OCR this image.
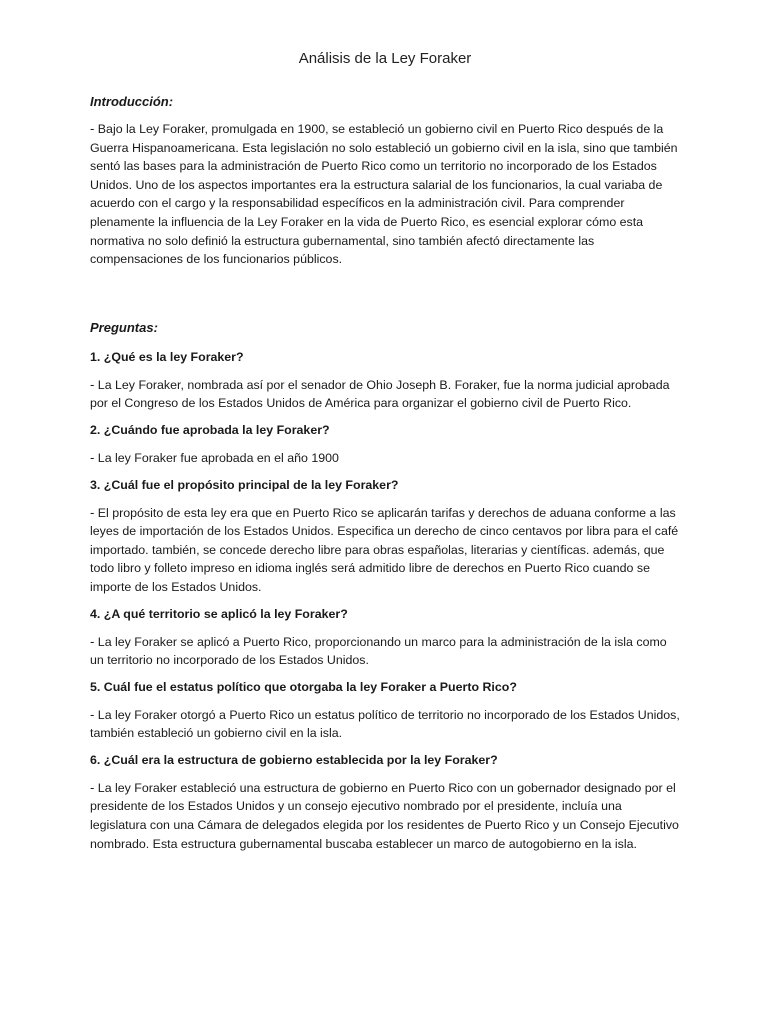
Análisis de la Ley Foraker
Introducción:

- Bajo la Ley Foraker, promulgada en 1900, se estableció un gobierno civil en Puerto Rico después de la Guerra Hispanoamericana. Esta legislación no solo estableció un gobierno civil en la isla, sino que también sentó las bases para la administración de Puerto Rico como un territorio no incorporado de los Estados Unidos. Uno de los aspectos importantes era la estructura salarial de los funcionarios, la cual variaba de acuerdo con el cargo y la responsabilidad específicos en la administración civil. Para comprender plenamente la influencia de la Ley Foraker en la vida de Puerto Rico, es esencial explorar cómo esta normativa no solo definió la estructura gubernamental, sino también afectó directamente las compensaciones de los funcionarios públicos.

Preguntas:
1. ¿Qué es la ley Foraker?

- La Ley Foraker, nombrada así por el senador de Ohio Joseph B. Foraker, fue la norma judicial aprobada por el Congreso de los Estados Unidos de América para organizar el gobierno civil de Puerto Rico.

2. ¿Cuándo fue aprobada la ley Foraker?

- La ley Foraker fue aprobada en el año 1900

3. ¿Cuál fue el propósito principal de la ley Foraker?

- El propósito de esta ley era que en Puerto Rico se aplicarán tarifas y derechos de aduana conforme a las leyes de importación de los Estados Unidos. Especifica un derecho de cinco centavos por libra para el café importado. también, se concede derecho libre para obras españolas, literarias y científicas. además, que todo libro y folleto impreso en idioma inglés será admitido libre de derechos en Puerto Rico cuando se importe de los Estados Unidos.

4. ¿A qué territorio se aplicó la ley Foraker?

- La ley Foraker se aplicó a Puerto Rico, proporcionando un marco para la administración de la isla como un territorio no incorporado de los Estados Unidos.

5. Cuál fue el estatus político que otorgaba la ley Foraker a Puerto Rico?

- La ley Foraker otorgó a Puerto Rico un estatus político de territorio no incorporado de los Estados Unidos, también estableció un gobierno civil en la isla.

6. ¿Cuál era la estructura de gobierno establecida por la ley Foraker?

- La ley Foraker estableció una estructura de gobierno en Puerto Rico con un gobernador designado por el presidente de los Estados Unidos y un consejo ejecutivo nombrado por el presidente, incluía una legislatura con una Cámara de delegados elegida por los residentes de Puerto Rico y un Consejo Ejecutivo nombrado. Esta estructura gubernamental buscaba establecer un marco de autogobierno en la isla.
